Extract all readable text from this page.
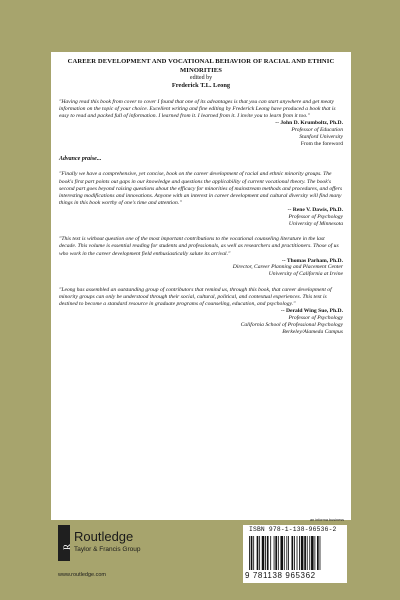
CAREER DEVELOPMENT AND VOCATIONAL BEHAVIOR OF RACIAL AND ETHNIC MINORITIES
edited by
Frederick T.L. Leong

"Having read this book from cover to cover I found that one of its advantages is that you can start anywhere and get meaty information on the topic of your choice. Excellent writing and fine editing by Frederick Leong have produced a book that is easy to read and packed full of information. I learned from it. I learned from it. I invite you to learn from it too."

-- John D. Krumboltz, Ph.D.
Professor of Education
Stanford University
From the foreword
Advance praise...

"Finally we have a comprehensive, yet concise, book on the career development of racial and ethnic minority groups. The book's first part points out gaps in our knowledge and questions the applicability of current vocational theory. The book's second part goes beyond raising questions about the efficacy for minorities of mainstream methods and procedures, and offers interesting modifications and innovations. Anyone with an interest in career development and cultural diversity will find many things in this book worthy of one's time and attention."

-- Rene V. Dawis, Ph.D.
Professor of Psychology
University of Minnesota

"This text is without question one of the most important contributions to the vocational counseling literature in the last decade. This volume is essential reading for students and professionals, as well as researchers and practitioners. Those of us who work in the career development field enthusiastically salute its arrival."

-- Thomas Parham, Ph.D.
Director, Career Planning and Placement Center
University of California at Irvine

"Leong has assembled an outstanding group of contributors that remind us, through this book, that career development of minority groups can only be understood through their social, cultural, political, and contextual experiences. This text is destined to become a standard resource in graduate programs of counseling, education, and psychology."

-- Derald Wing Sue, Ph.D.
Professor of Psychology
California School of Professional Psychology
Berkeley/Alameda Campus
R
Routledge
Taylor & Francis Group
www.routledge.com
an informa business
ISBN 978-1-138-96536-2
9 781138 965362
